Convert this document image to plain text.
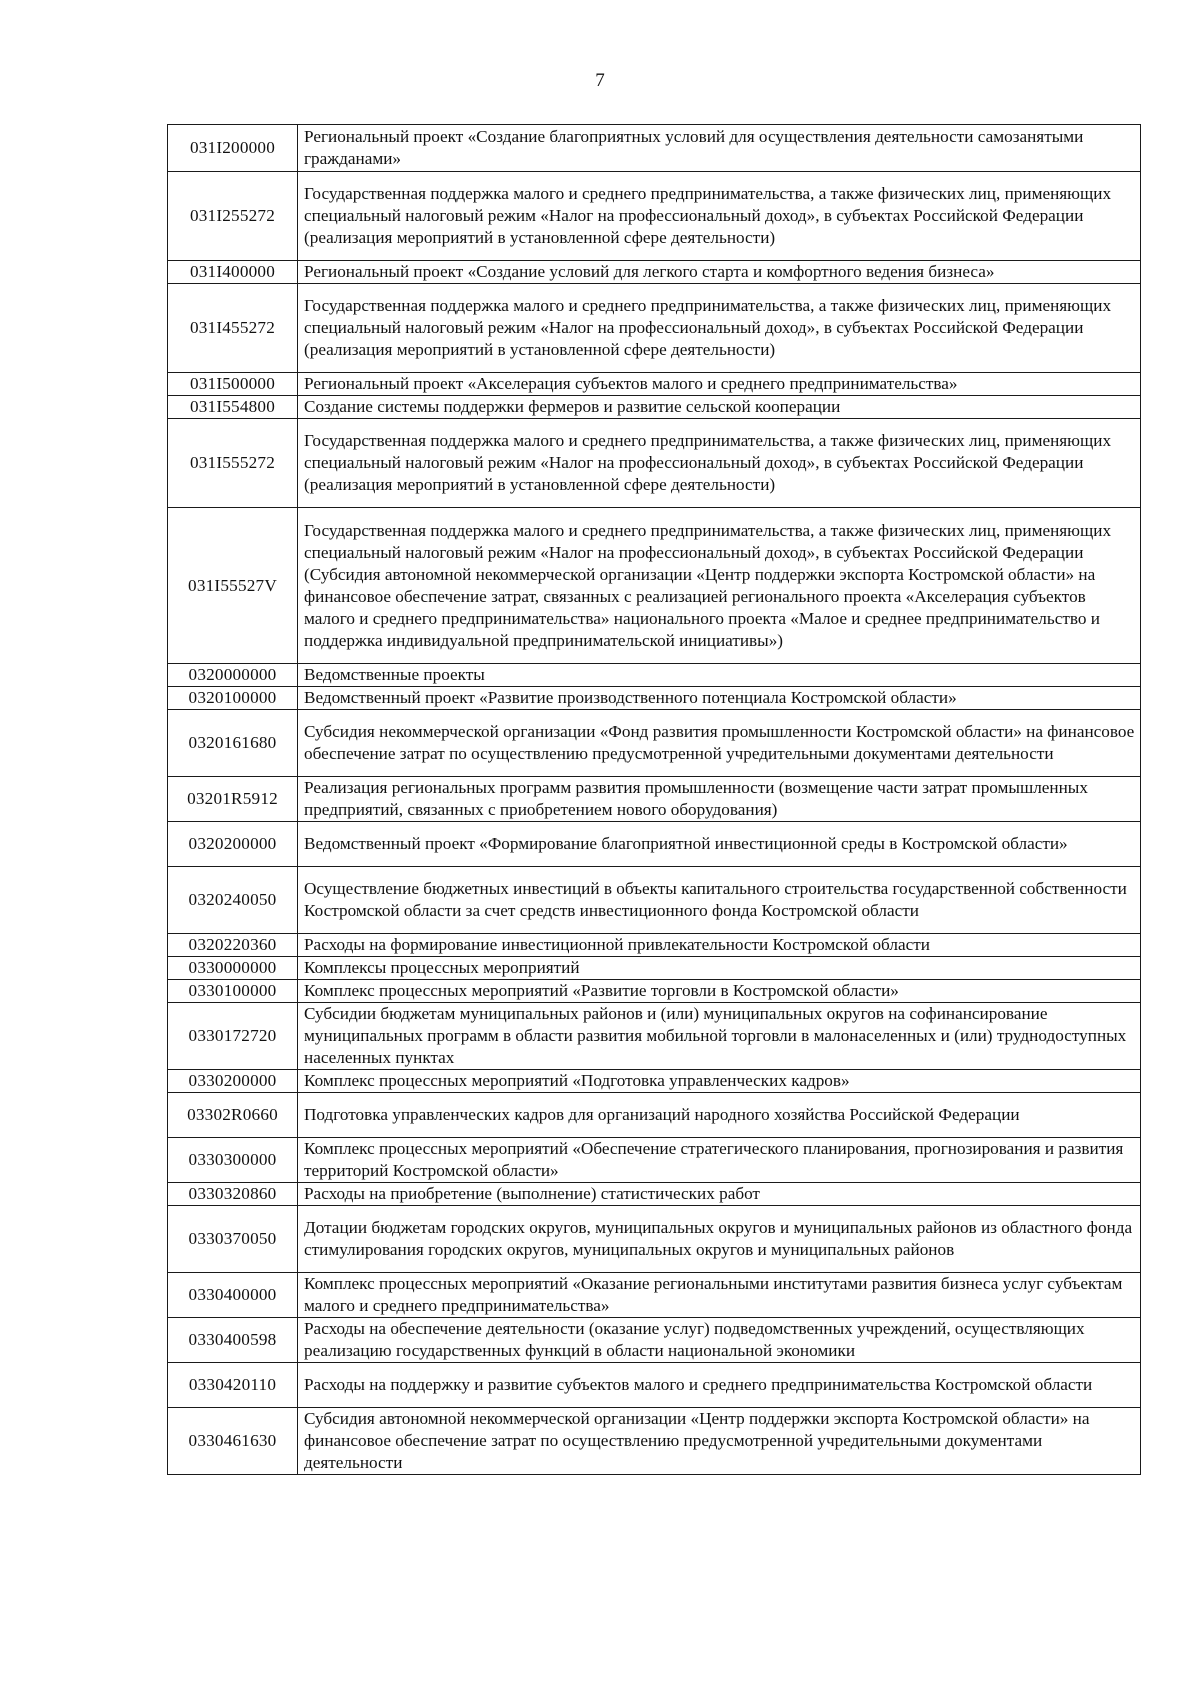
7
031I200000	Региональный проект «Создание благоприятных условий для осуществления деятельности самозанятыми гражданами»
031I255272	Государственная поддержка малого и среднего предпринимательства, а также физических лиц, применяющих специальный налоговый режим «Налог на профессиональный доход», в субъектах Российской Федерации (реализация мероприятий в установленной сфере деятельности)
031I400000	Региональный проект «Создание условий для легкого старта и комфортного ведения бизнеса»
031I455272	Государственная поддержка малого и среднего предпринимательства, а также физических лиц, применяющих специальный налоговый режим «Налог на профессиональный доход», в субъектах Российской Федерации (реализация мероприятий в установленной сфере деятельности)
031I500000	Региональный проект «Акселерация субъектов малого и среднего предпринимательства»
031I554800	Создание системы поддержки фермеров и развитие сельской кооперации
031I555272	Государственная поддержка малого и среднего предпринимательства, а также физических лиц, применяющих специальный налоговый режим «Налог на профессиональный доход», в субъектах Российской Федерации (реализация мероприятий в установленной сфере деятельности)
031I55527V	Государственная поддержка малого и среднего предпринимательства, а также физических лиц, применяющих специальный налоговый режим «Налог на профессиональный доход», в субъектах Российской Федерации (Субсидия автономной некоммерческой организации «Центр поддержки экспорта Костромской области» на финансовое обеспечение затрат, связанных с реализацией регионального проекта «Акселерация субъектов малого и среднего предпринимательства» национального проекта «Малое и среднее предпринимательство и поддержка индивидуальной предпринимательской инициативы»)
0320000000	Ведомственные проекты
0320100000	Ведомственный проект «Развитие производственного потенциала Костромской области»
0320161680	Субсидия некоммерческой организации «Фонд развития промышленности Костромской области» на финансовое обеспечение затрат по осуществлению предусмотренной учредительными документами деятельности
03201R5912	Реализация региональных программ развития промышленности (возмещение части затрат промышленных предприятий, связанных с приобретением нового оборудования)
0320200000	Ведомственный проект «Формирование благоприятной инвестиционной среды в Костромской области»
0320240050	Осуществление бюджетных инвестиций в объекты капитального строительства государственной собственности Костромской области за счет средств инвестиционного фонда Костромской области
0320220360	Расходы на формирование инвестиционной привлекательности Костромской области
0330000000	Комплексы процессных мероприятий
0330100000	Комплекс процессных мероприятий «Развитие торговли в Костромской области»
0330172720	Субсидии бюджетам муниципальных районов и (или) муниципальных округов на софинансирование муниципальных программ в области развития мобильной торговли в малонаселенных и (или) труднодоступных населенных пунктах
0330200000	Комплекс процессных мероприятий «Подготовка управленческих кадров»
03302R0660	Подготовка управленческих кадров для организаций народного хозяйства Российской Федерации
0330300000	Комплекс процессных мероприятий «Обеспечение стратегического планирования, прогнозирования и развития территорий Костромской области»
0330320860	Расходы на приобретение (выполнение) статистических работ
0330370050	Дотации бюджетам городских округов, муниципальных округов и муниципальных районов из областного фонда стимулирования городских округов, муниципальных округов и муниципальных районов
0330400000	Комплекс процессных мероприятий «Оказание региональными институтами развития бизнеса услуг субъектам малого и среднего предпринимательства»
0330400598	Расходы на обеспечение деятельности (оказание услуг) подведомственных учреждений, осуществляющих реализацию государственных функций в области национальной экономики
0330420110	Расходы на поддержку и развитие субъектов малого и среднего предпринимательства Костромской области
0330461630	Субсидия автономной некоммерческой организации «Центр поддержки экспорта Костромской области» на финансовое обеспечение затрат по осуществлению предусмотренной учредительными документами деятельности
